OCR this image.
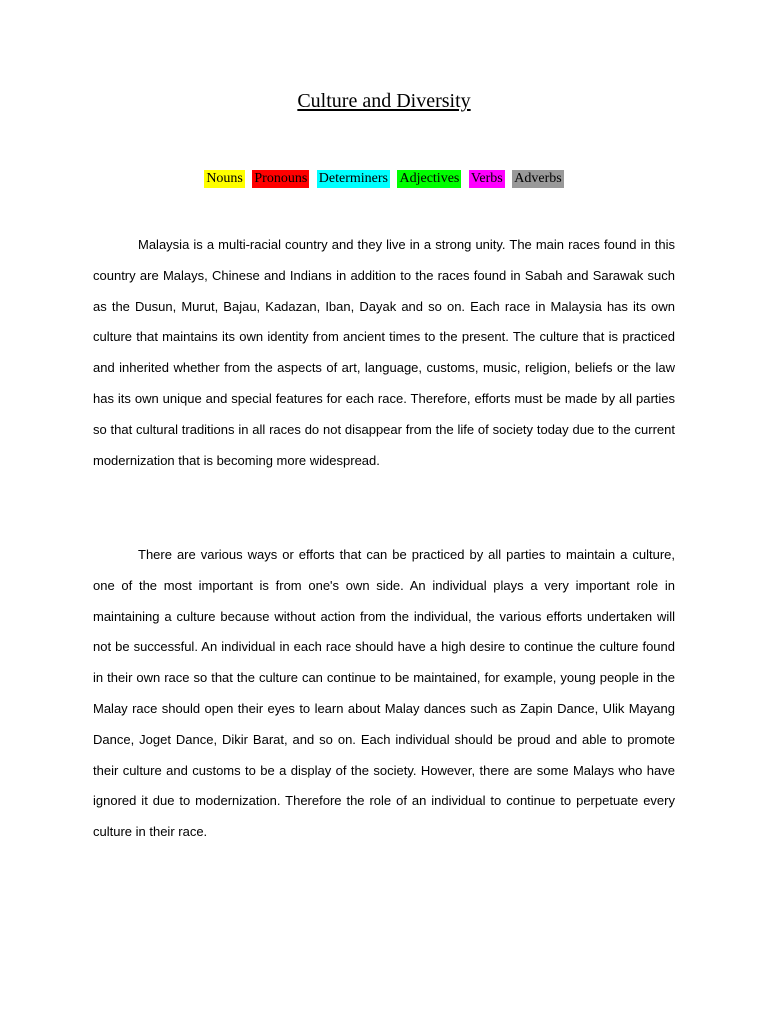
Culture and Diversity
Nouns Pronouns Determiners Adjectives Verbs Adverbs

Malaysia is a multi-racial country and they live in a strong unity. The main races found in this country are Malays, Chinese and Indians in addition to the races found in Sabah and Sarawak such as the Dusun, Murut, Bajau, Kadazan, Iban, Dayak and so on. Each race in Malaysia has its own culture that maintains its own identity from ancient times to the present. The culture that is practiced and inherited whether from the aspects of art, language, customs, music, religion, beliefs or the law has its own unique and special features for each race. Therefore, efforts must be made by all parties so that cultural traditions in all races do not disappear from the life of society today due to the current modernization that is becoming more widespread.

There are various ways or efforts that can be practiced by all parties to maintain a culture, one of the most important is from one's own side. An individual plays a very important role in maintaining a culture because without action from the individual, the various efforts undertaken will not be successful. An individual in each race should have a high desire to continue the culture found in their own race so that the culture can continue to be maintained, for example, young people in the Malay race should open their eyes to learn about Malay dances such as Zapin Dance, Ulik Mayang Dance, Joget Dance, Dikir Barat, and so on. Each individual should be proud and able to promote their culture and customs to be a display of the society. However, there are some Malays who have ignored it due to modernization. Therefore the role of an individual to continue to perpetuate every culture in their race.
